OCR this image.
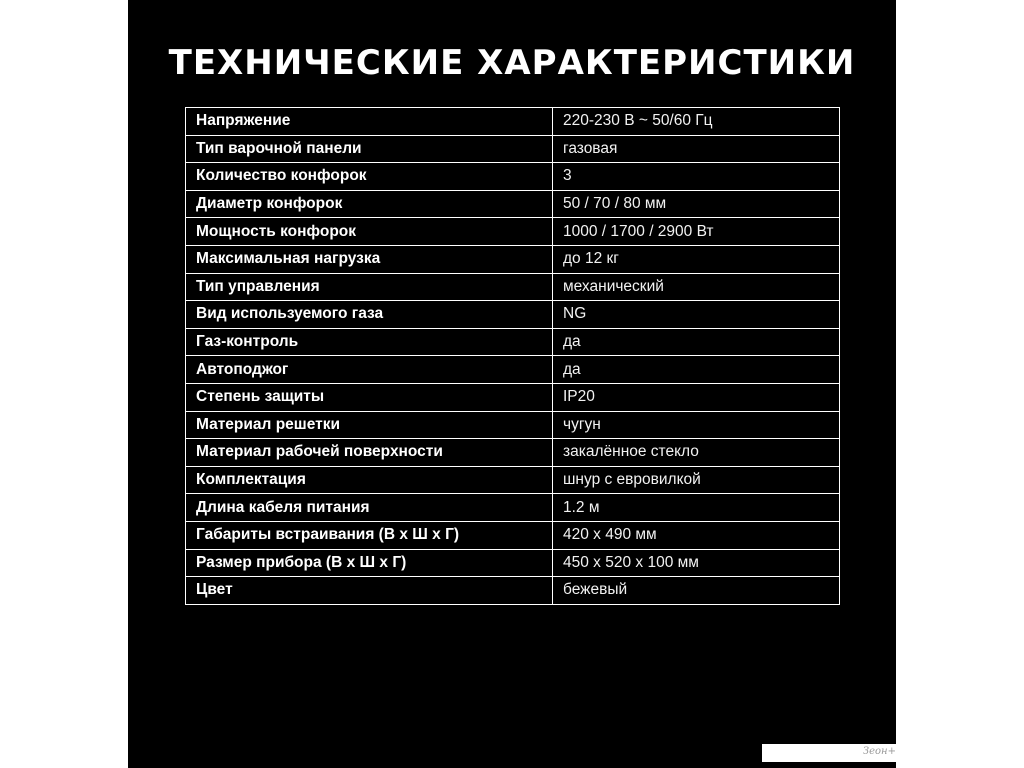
ТЕХНИЧЕСКИЕ ХАРАКТЕРИСТИКИ
Напряжение	220-230 В ~ 50/60 Гц
Тип варочной панели	газовая
Количество конфорок	3
Диаметр конфорок	50 / 70 / 80 мм
Мощность конфорок	1000 / 1700 / 2900 Вт
Максимальная нагрузка	до 12 кг
Тип управления	механический
Вид используемого газа	NG
Газ-контроль	да
Автоподжог	да
Степень защиты	IP20
Материал решетки	чугун
Материал рабочей поверхности	закалённое стекло
Комплектация	шнур с евровилкой
Длина кабеля питания	1.2 м
Габариты встраивания (В х Ш х Г)	420 х 490 мм
Размер прибора (В х Ш х Г)	450 х 520 х 100 мм
Цвет	бежевый
Зеон+
